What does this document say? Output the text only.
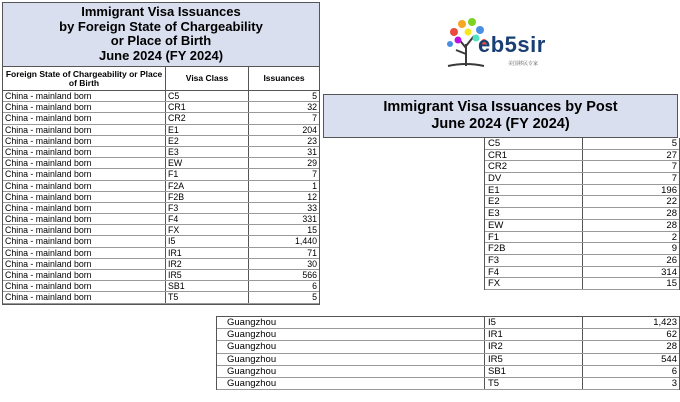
Immigrant Visa Issuances
by Foreign State of Chargeability
or Place of Birth
June 2024 (FY 2024)
Foreign State of Chargeability or Place of Birth	Visa Class	Issuances
China - mainland born	C5	5
China - mainland born	CR1	32
China - mainland born	CR2	7
China - mainland born	E1	204
China - mainland born	E2	23
China - mainland born	E3	31
China - mainland born	EW	29
China - mainland born	F1	7
China - mainland born	F2A	1
China - mainland born	F2B	12
China - mainland born	F3	33
China - mainland born	F4	331
China - mainland born	FX	15
China - mainland born	I5	1,440
China - mainland born	IR1	71
China - mainland born	IR2	30
China - mainland born	IR5	566
China - mainland born	SB1	6
China - mainland born	T5	5
eb5sir
美国移民专家
Immigrant Visa Issuances by Post
June 2024 (FY 2024)
C5	5
CR1	27
CR2	7
DV	7
E1	196
E2	22
E3	28
EW	28
F1	2
F2B	9
F3	26
F4	314
FX	15
Guangzhou	I5	1,423
Guangzhou	IR1	62
Guangzhou	IR2	28
Guangzhou	IR5	544
Guangzhou	SB1	6
Guangzhou	T5	3
